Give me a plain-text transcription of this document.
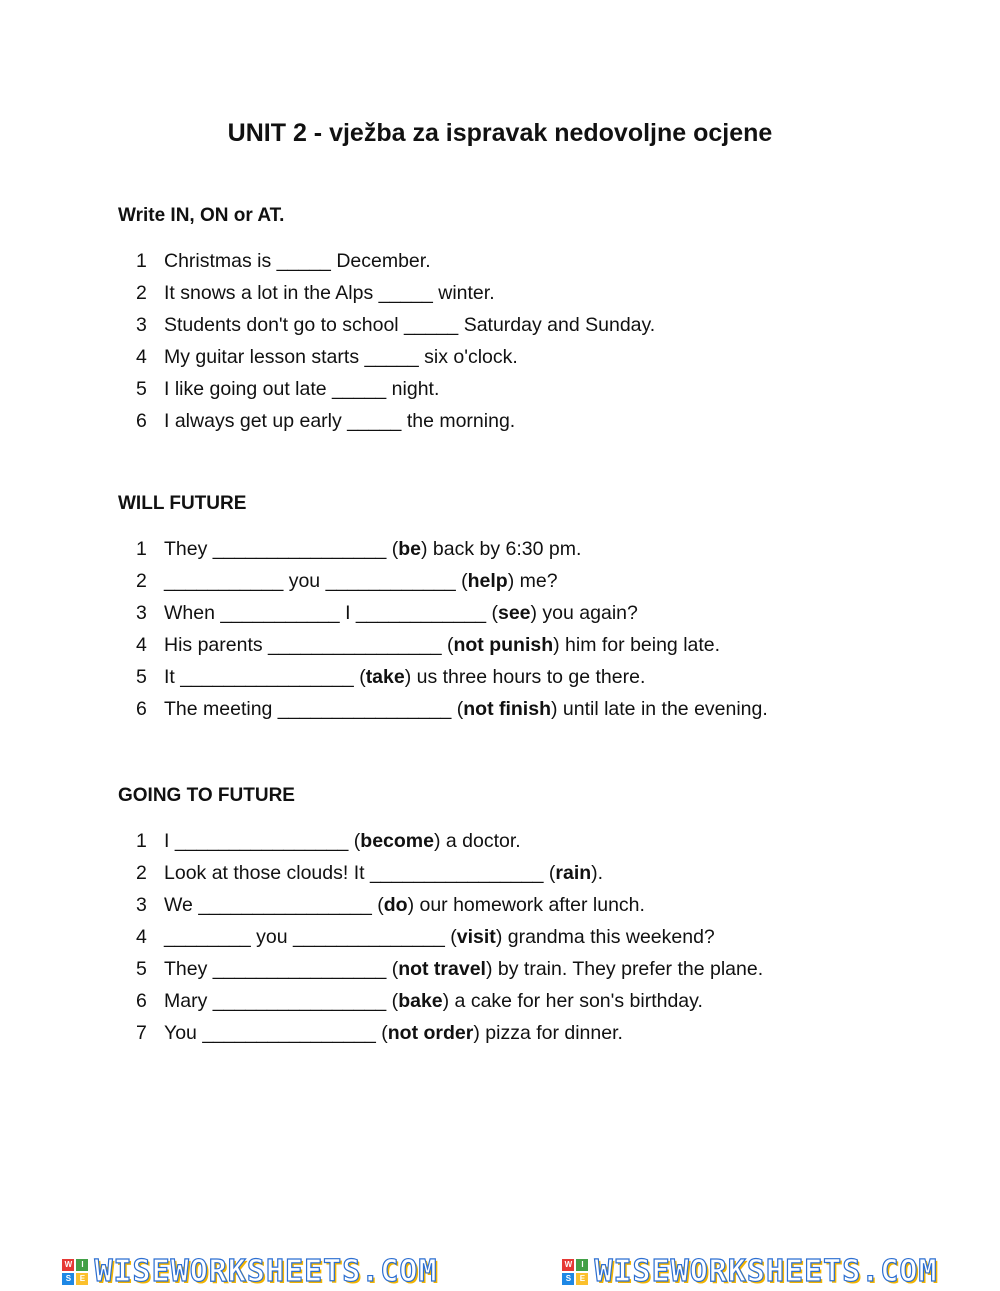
UNIT 2 - vježba za ispravak nedovoljne ocjene
Write IN, ON or AT.
1 Christmas is _____ December.
2 It snows a lot in the Alps _____ winter.
3 Students don't go to school _____ Saturday and Sunday.
4 My guitar lesson starts _____ six o'clock.
5 I like going out late _____ night.
6 I always get up early _____ the morning.
WILL FUTURE
1 They ________________ (be) back by 6:30 pm.
2 ___________ you ____________ (help) me?
3 When ___________ I ____________ (see) you again?
4 His parents ________________ (not punish) him for being late.
5 It ________________ (take) us three hours to ge there.
6 The meeting ________________ (not finish) until late in the evening.
GOING TO FUTURE
1 I ________________ (become) a doctor.
2 Look at those clouds! It ________________ (rain).
3 We ________________ (do) our homework after lunch.
4 ________ you ______________ (visit) grandma this weekend?
5 They ________________ (not travel) by train. They prefer the plane.
6 Mary ________________ (bake) a cake for her son's birthday.
7 You ________________ (not order) pizza for dinner.
W	I
S	E WISEWORKSHEETS.COM	W	I
S	E WISEWORKSHEETS.COM
